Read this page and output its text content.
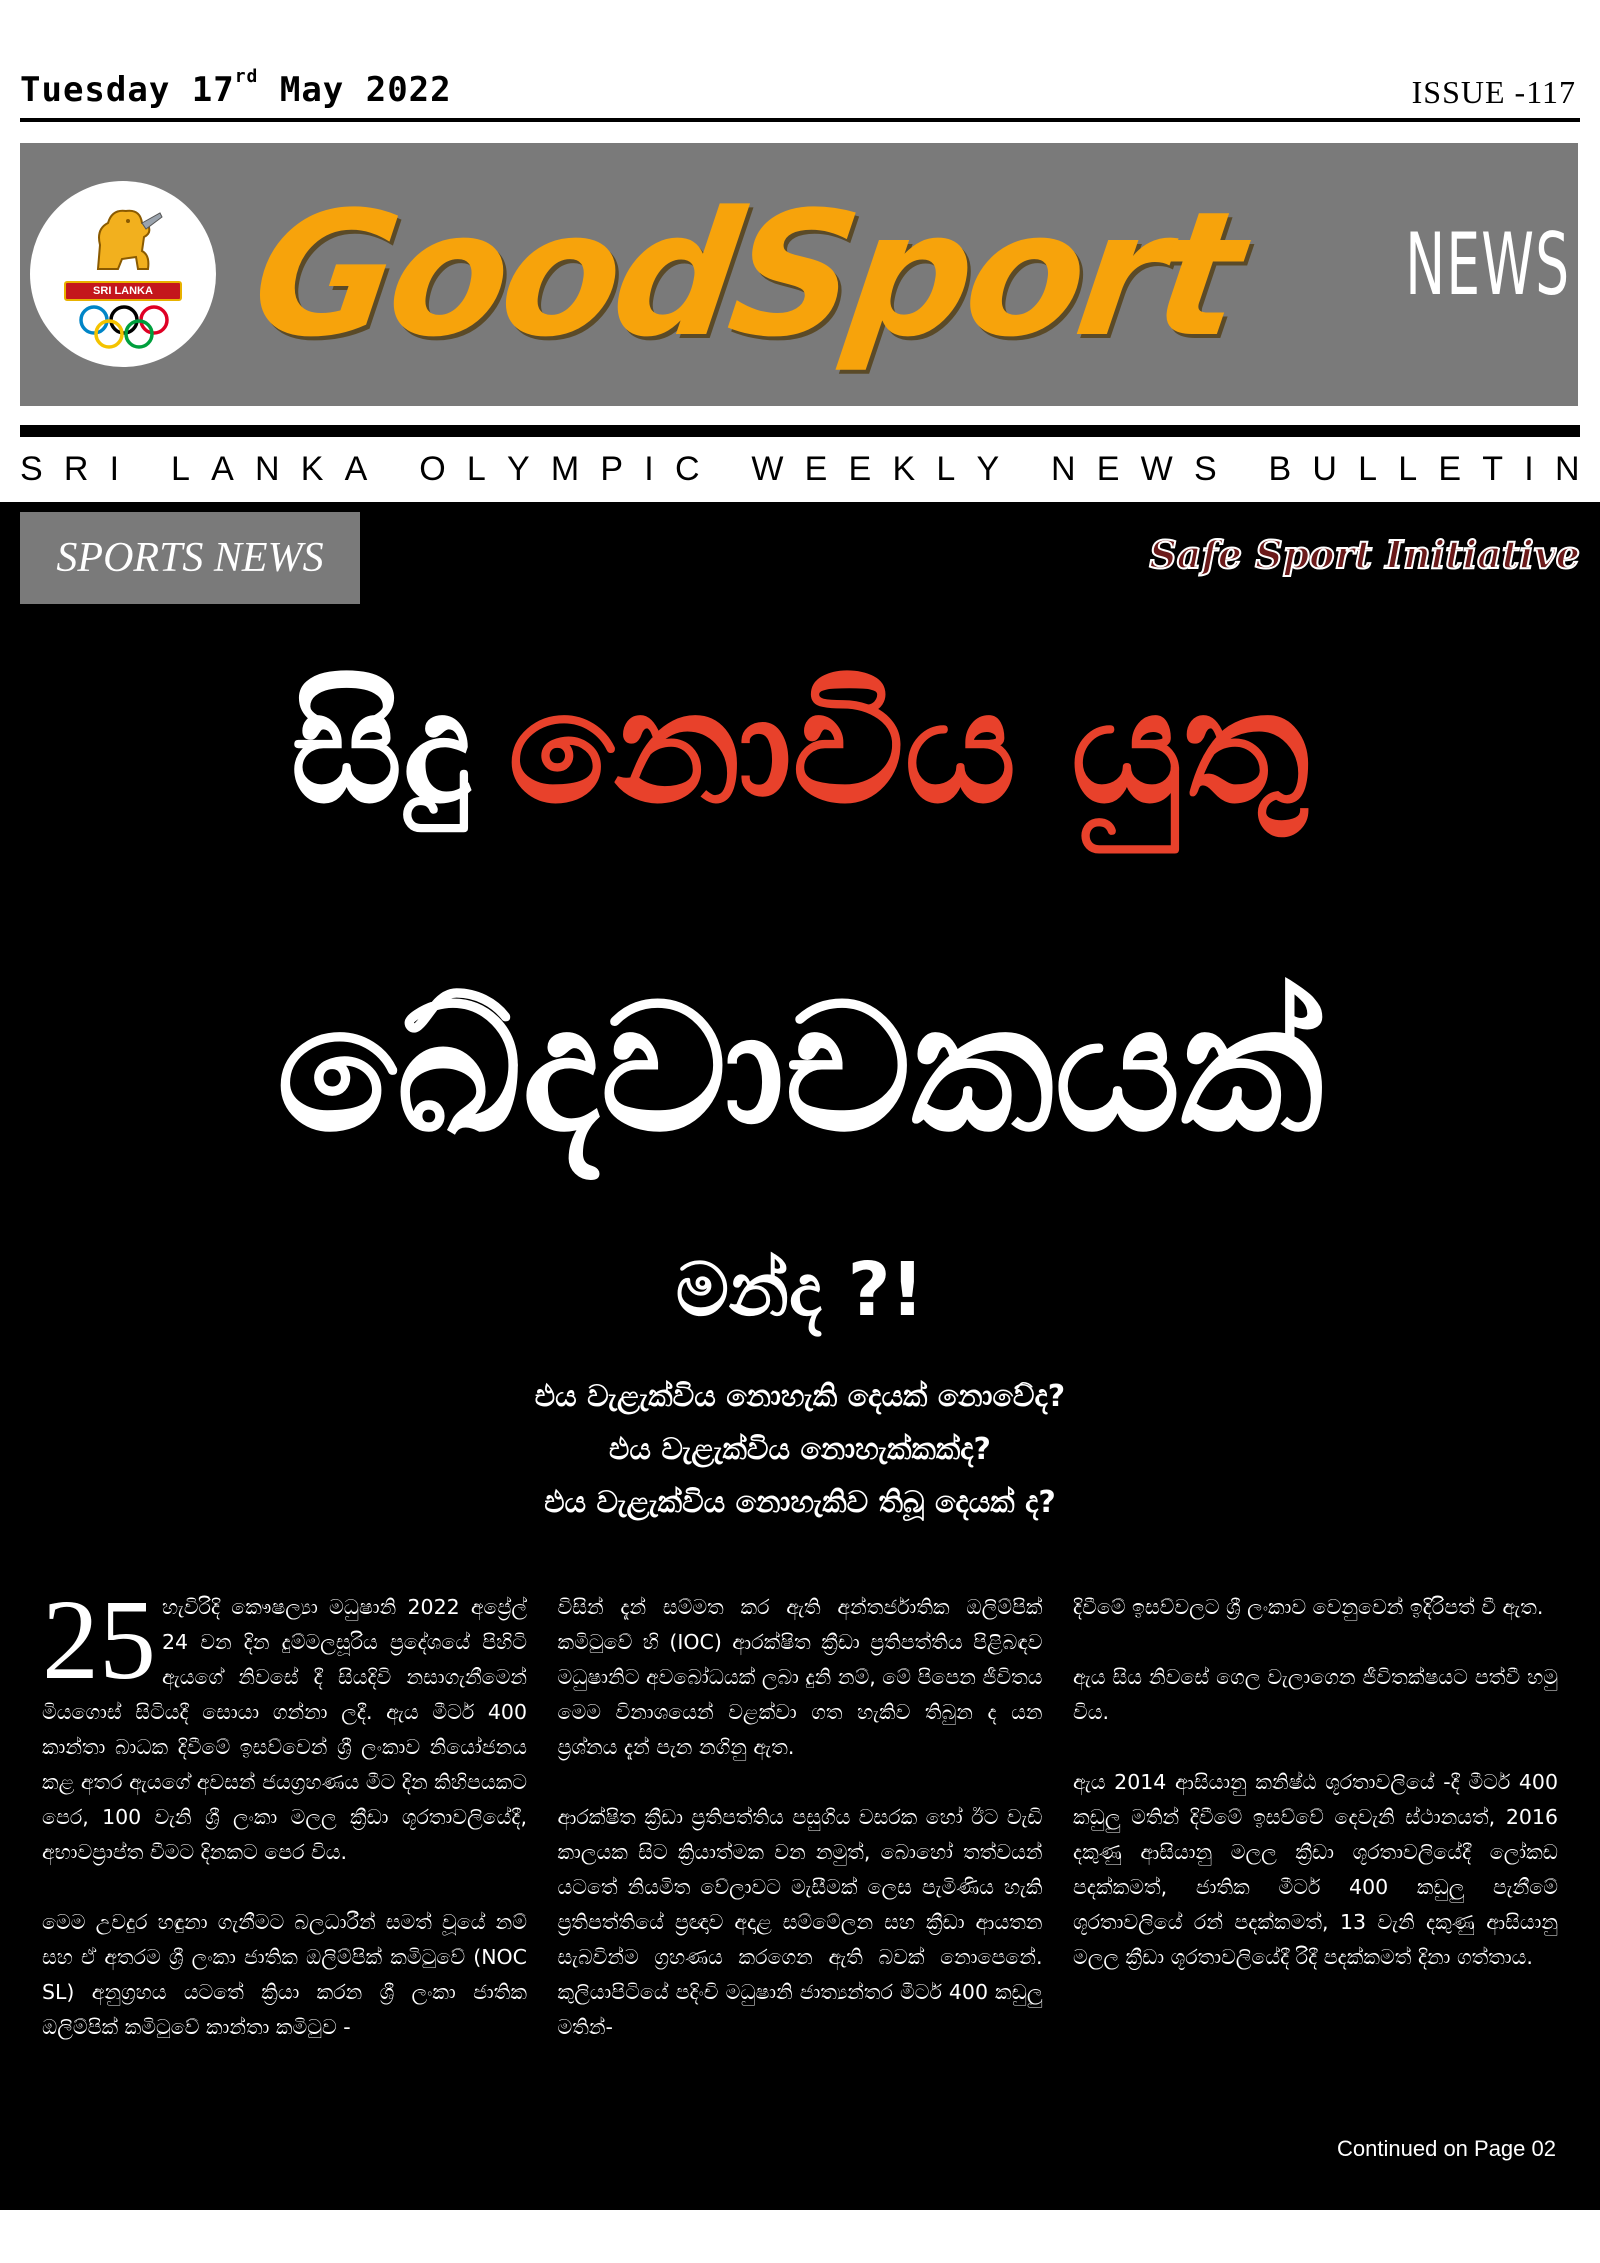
Tuesday 17rd May 2022	ISSUE -117
SRI LANKA GoodSport NEWS
S R I
L A N K A
O L Y M P I C
W E E K L Y
N E W S
B U L L E T I N
SPORTS NEWS	Safe Sport Initiative
සිදු නොවිය යුතු
ඛේදවාචකයක්
මන්ද ?!
එය වැළැක්විය නොහැකි දෙයක් නොවේද?
එය වැළැක්විය නොහැක්කක්ද?
එය වැළැක්විය නොහැකිව තිබූ දෙයක් ද?

25 හැවිරිදි කෞෂල්‍යා මධුෂානි 2022 අප්‍රේල් 24 වන දින දුම්මලසූරිය ප්‍රදේශයේ පිහිටි ඇයගේ නිවසේ දී සියදිවි නසාගැනීමෙන් මියගොස් සිටියදී සොයා ගන්නා ලදී. ඇය මීටර් 400 කාන්තා බාධක දිවීමේ ඉසව්වෙන් ශ්‍රී ලංකාව නියෝජනය කළ අතර ඇයගේ අවසන් ජයග්‍රහණය මීට දින කිහිපයකට පෙර, 100 වැනි ශ්‍රී ලංකා මලල ක්‍රීඩා ශූරතාවලියේදී, අභාවප්‍රාප්ත වීමට දිනකට පෙර විය.

මෙම උවදුර හඳුනා ගැනීමට බලධාරීන් සමත් වූයේ නම් සහ ඒ අතරම ශ්‍රී ලංකා ජාතික ඔලිම්පික් කමිටුවේ (NOC SL) අනුග්‍රහය යටතේ ක්‍රියා කරන ශ්‍රී ලංකා ජාතික ඔලිම්පික් කමිටුවේ කාන්තා කමිටුව -

විසින් දැන් සම්මත කර ඇති අන්තර්ජාතික ඔලිම්පික් කමිටුවේ හි (IOC) ආරක්ෂිත ක්‍රීඩා ප්‍රතිපත්තිය පිළිබඳව මධුෂානිට අවබෝධයක් ලබා දුනි නම්, මේ පිපෙන ජීවිතය මෙම විනාශයෙන් වළක්වා ගත හැකිව තිබුන ද යන ප්‍රශ්නය දැන් පැන නගිනු ඇත.

ආරක්ෂිත ක්‍රීඩා ප්‍රතිපත්තිය පසුගිය වසරක හෝ ඊට වැඩි කාලයක සිට ක්‍රියාත්මක වන නමුත්, බොහෝ තත්වයන් යටතේ නියමිත වේලාවට මැසීමක් ලෙස පැමිණිය හැකි ප්‍රතිපත්තියේ ප්‍රඥාව අදාළ සම්මේලන සහ ක්‍රීඩා ආයතන සැබවින්ම ග්‍රහණය කරගෙන ඇති බවක් නොපෙනේ. කුලියාපිටියේ පදිංචි මධුෂානි ජාත්‍යන්තර මීටර් 400 කඩුලු මතින්-

දිවීමේ ඉසව්වලට ශ්‍රී ලංකාව වෙනුවෙන් ඉදිරිපත් වී ඇත.

ඇය සිය නිවසේ ගෙල වැලාගෙන ජීවිතක්ෂයට පත්වී හමු විය.

ඇය 2014 ආසියානු කනිෂ්ඨ ශූරතාවලියේ -දී මීටර් 400 කඩුලු මතින් දිවීමේ ඉසව්වේ දෙවැනි ස්ථානයත්, 2016 දකුණු ආසියානු මලල ක්‍රීඩා ශූරතාවලියේදී ලෝකඩ පදක්කමත්, ජාතික මීටර් 400 කඩුලු පැනීමේ ශූරතාවලියේ රන් පදක්කමත්, 13 වැනි දකුණු ආසියානු මලල ක්‍රීඩා ශූරතාවලියේදී රිදී පදක්කමත් දිනා ගත්තාය.

Continued on Page 02
